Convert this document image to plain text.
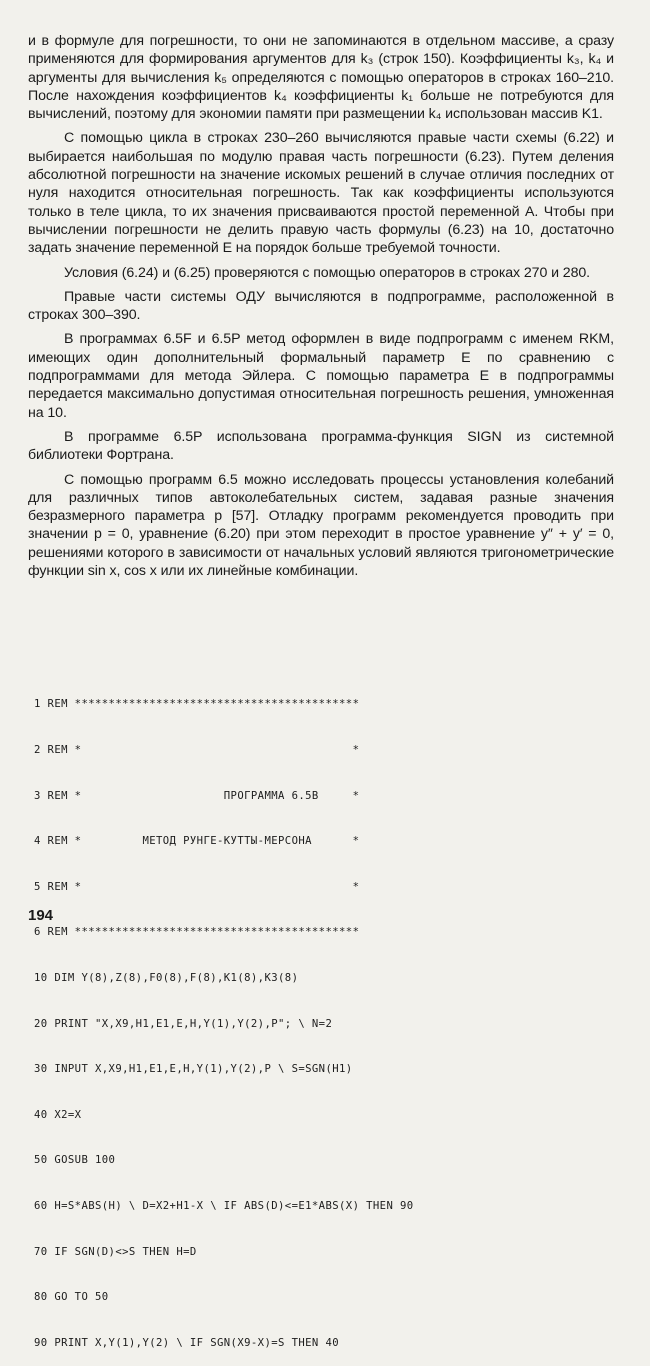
и в формуле для погрешности, то они не запоминаются в отдельном массиве, а сразу применяются для формирования аргументов для k₃ (строк 150). Коэффициенты k₃, k₄ и аргументы для вычисления k₅ определяются с помощью операторов в строках 160–210. После нахождения коэффициентов k₄ коэффициенты k₁ больше не потребуются для вычислений, поэтому для экономии памяти при размещении k₄ использован массив K1.

С помощью цикла в строках 230–260 вычисляются правые части схемы (6.22) и выбирается наибольшая по модулю правая часть погрешности (6.23). Путем деления абсолютной погрешности на значение искомых решений в случае отличия последних от нуля находится относительная погрешность. Так как коэффициенты используются только в теле цикла, то их значения присваиваются простой переменной A. Чтобы при вычислении погрешности не делить правую часть формулы (6.23) на 10, достаточно задать значение переменной E на порядок больше требуемой точности.

Условия (6.24) и (6.25) проверяются с помощью операторов в строках 270 и 280.

Правые части системы ОДУ вычисляются в подпрограмме, расположенной в строках 300–390.

В программах 6.5F и 6.5P метод оформлен в виде подпрограмм с именем RKM, имеющих один дополнительный формальный параметр E по сравнению с подпрограммами для метода Эйлера. С помощью параметра E в подпрограммы передается максимально допустимая относительная погрешность решения, умноженная на 10.

В программе 6.5P использована программа-функция SIGN из системной библиотеки Фортрана.

С помощью программ 6.5 можно исследовать процессы установления колебаний для различных типов автоколебательных систем, задавая разные значения безразмерного параметра p [57]. Отладку программ рекомендуется проводить при значении p = 0, уравнение (6.20) при этом переходит в простое уравнение y″ + y′ = 0, решениями которого в зависимости от начальных условий являются тригонометрические функции sin x, cos x или их линейные комбинации.

1 REM ******************************************

2 REM *                                        *

3 REM *                     ПРОГРАММА 6.5B     *

4 REM *         МЕТОД РУНГЕ-КУТТЫ-МЕРСОНА      *

5 REM *                                        *

6 REM ******************************************

10 DIM Y(8),Z(8),F0(8),F(8),K1(8),K3(8)

20 PRINT "X,X9,H1,E1,E,H,Y(1),Y(2),P"; \ N=2

30 INPUT X,X9,H1,E1,E,H,Y(1),Y(2),P \ S=SGN(H1)

40 X2=X

50 GOSUB 100

60 H=S*ABS(H) \ D=X2+H1-X \ IF ABS(D)<=E1*ABS(X) THEN 90

70 IF SGN(D)<>S THEN H=D

80 GO TO 50

90 PRINT X,Y(1),Y(2) \ IF SGN(X9-X)=S THEN 40

194
